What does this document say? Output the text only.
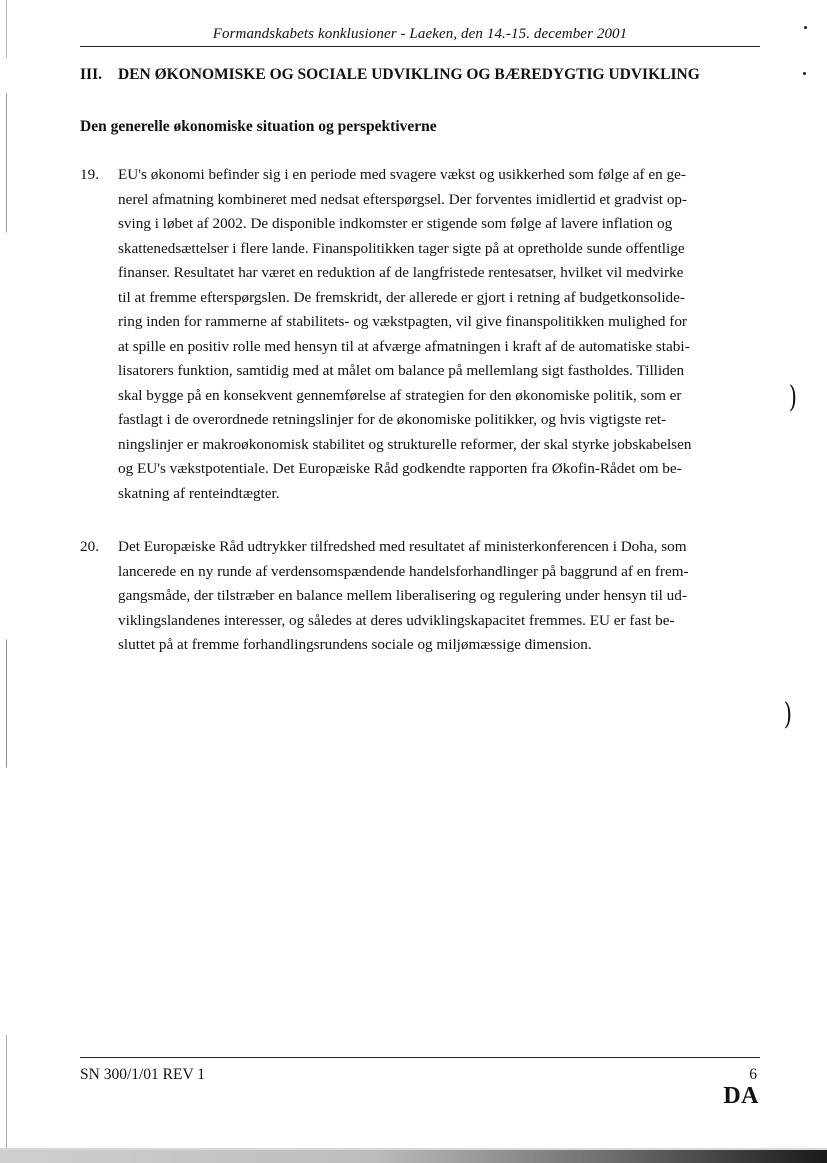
Formandskabets konklusioner - Laeken, den 14.-15. december 2001
III. DEN ØKONOMISKE OG SOCIALE UDVIKLING OG BÆREDYGTIG UDVIKLING
Den generelle økonomiske situation og perspektiverne
19. EU's økonomi befinder sig i en periode med svagere vækst og usikkerhed som følge af en ge-
nerel afmatning kombineret med nedsat efterspørgsel. Der forventes imidlertid et gradvist op-
sving i løbet af 2002. De disponible indkomster er stigende som følge af lavere inflation og
skattenedsættelser i flere lande. Finanspolitikken tager sigte på at opretholde sunde offentlige
finanser. Resultatet har været en reduktion af de langfristede rentesatser, hvilket vil medvirke
til at fremme efterspørgslen. De fremskridt, der allerede er gjort i retning af budgetkonsolide-
ring inden for rammerne af stabilitets- og vækstpagten, vil give finanspolitikken mulighed for
at spille en positiv rolle med hensyn til at afværge afmatningen i kraft af de automatiske stabi-
lisatorers funktion, samtidig med at målet om balance på mellemlang sigt fastholdes. Tilliden
skal bygge på en konsekvent gennemførelse af strategien for den økonomiske politik, som er
fastlagt i de overordnede retningslinjer for de økonomiske politikker, og hvis vigtigste ret-
ningslinjer er makroøkonomisk stabilitet og strukturelle reformer, der skal styrke jobskabelsen
og EU's vækstpotentiale. Det Europæiske Råd godkendte rapporten fra Økofin-Rådet om be-
skatning af renteindtægter.
20. Det Europæiske Råd udtrykker tilfredshed med resultatet af ministerkonferencen i Doha, som
lancerede en ny runde af verdensomspændende handelsforhandlinger på baggrund af en frem-
gangsmåde, der tilstræber en balance mellem liberalisering og regulering under hensyn til ud-
viklingslandenes interesser, og således at deres udviklingskapacitet fremmes. EU er fast be-
sluttet på at fremme forhandlingsrundens sociale og miljømæssige dimension.
)
)
SN 300/1/01 REV 1	6
DA
